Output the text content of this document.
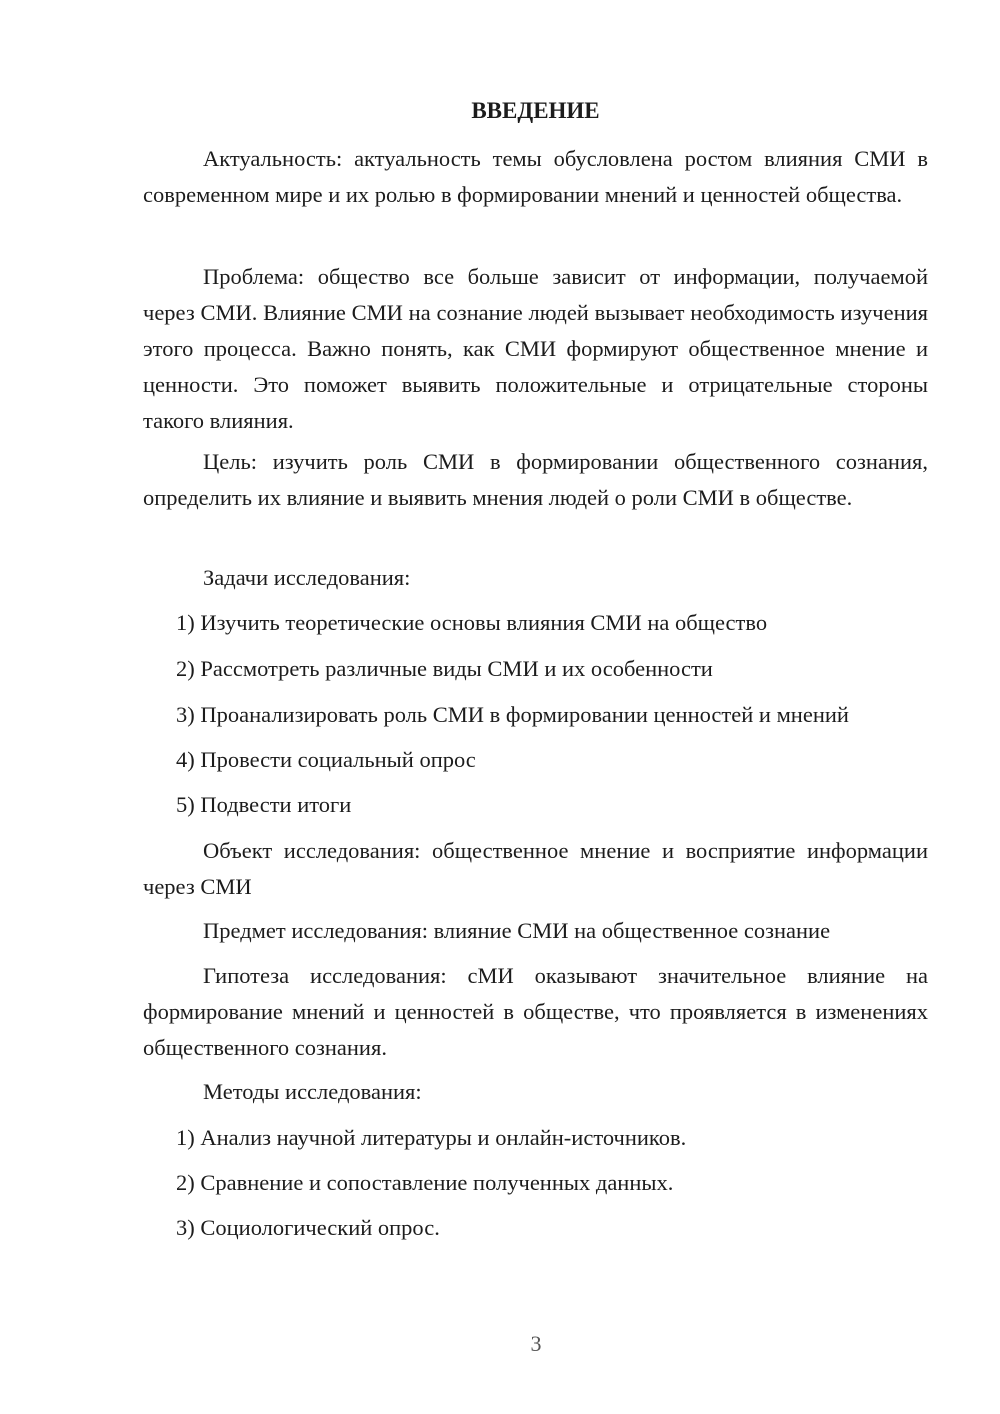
ВВЕДЕНИЕ
Актуальность: актуальность темы обусловлена ростом влияния СМИ в современном мире и их ролью в формировании мнений и ценностей общества.
Проблема: общество все больше зависит от информации, получаемой через СМИ. Влияние СМИ на сознание людей вызывает необходимость изучения этого процесса. Важно понять, как СМИ формируют общественное мнение и ценности. Это поможет выявить положительные и отрицательные стороны такого влияния.
Цель: изучить роль СМИ в формировании общественного сознания, определить их влияние и выявить мнения людей о роли СМИ в обществе.
Задачи исследования:
1) Изучить теоретические основы влияния СМИ на общество
2) Рассмотреть различные виды СМИ и их особенности
3) Проанализировать роль СМИ в формировании ценностей и мнений
4) Провести социальный опрос
5) Подвести итоги
Объект исследования: общественное мнение и восприятие информации через СМИ
Предмет исследования: влияние СМИ на общественное сознание
Гипотеза исследования: сМИ оказывают значительное влияние на формирование мнений и ценностей в обществе, что проявляется в изменениях общественного сознания.
Методы исследования:
1) Анализ научной литературы и онлайн-источников.
2) Сравнение и сопоставление полученных данных.
3) Социологический опрос.
3
